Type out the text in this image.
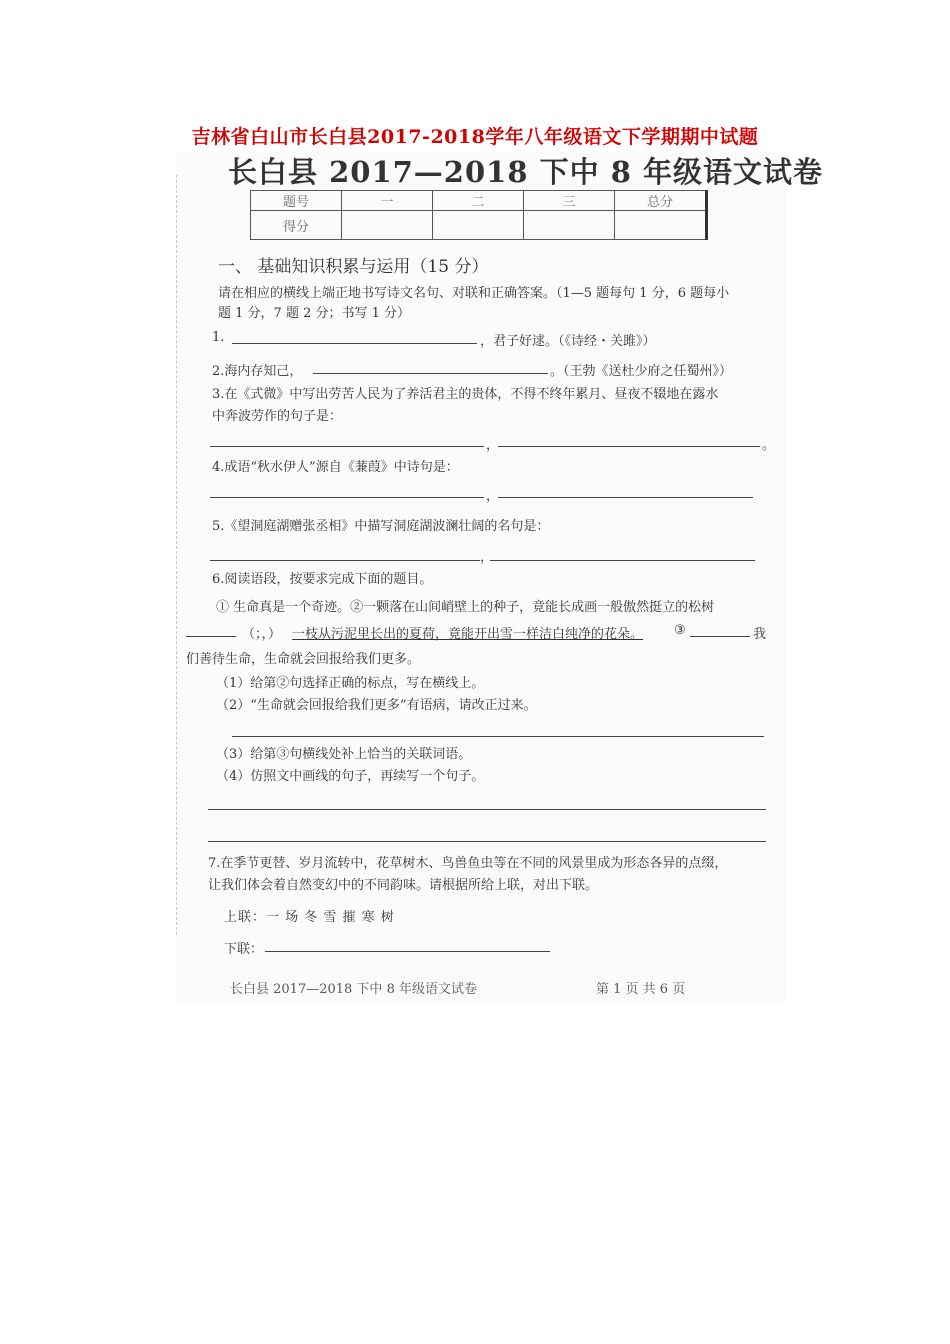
吉林省白山市长白县2017-2018学年八年级语文下学期期中试题
长白县 2017—2018 下中 8 年级语文试卷
题号	一	二	三	总分
得分				
一、 基础知识积累与运用（15 分）
请在相应的横线上端正地书写诗文名句、对联和正确答案。（1—5 题每句 1 分，6 题每小
题 1 分，7 题 2 分；书写 1 分）
1.	，君子好逑。（《诗经・关雎》）
2.海内存知己，	。（王勃《送杜少府之任蜀州》）
3.在《式微》中写出劳苦人民为了养活君主的贵体，不得不终年累月、昼夜不辍地在露水
中奔波劳作的句子是：
，	。
4.成语“秋水伊人”源自《蒹葭》中诗句是：
，
5.《望洞庭湖赠张丞相》中描写洞庭湖波澜壮阔的名句是：
，
6.阅读语段，按要求完成下面的题目。
① 生命真是一个奇迹。②一颗落在山间峭壁上的种子，竟能长成画一般傲然挺立的松树
（；，） 一枝从污泥里长出的夏荷，竟能开出雪一样洁白纯净的花朵。 ③	我
们善待生命，生命就会回报给我们更多。
（1）给第②句选择正确的标点，写在横线上。
（2）“生命就会回报给我们更多”有语病，请改正过来。
（3）给第③句横线处补上恰当的关联词语。
（4）仿照文中画线的句子，再续写一个句子。
7.在季节更替、岁月流转中，花草树木、鸟兽鱼虫等在不同的风景里成为形态各异的点缀，
让我们体会着自然变幻中的不同韵味。请根据所给上联，对出下联。
上联：一 场 冬 雪 摧 寒 树
下联：
长白县 2017—2018 下中 8 年级语文试卷	第 1 页 共 6 页
